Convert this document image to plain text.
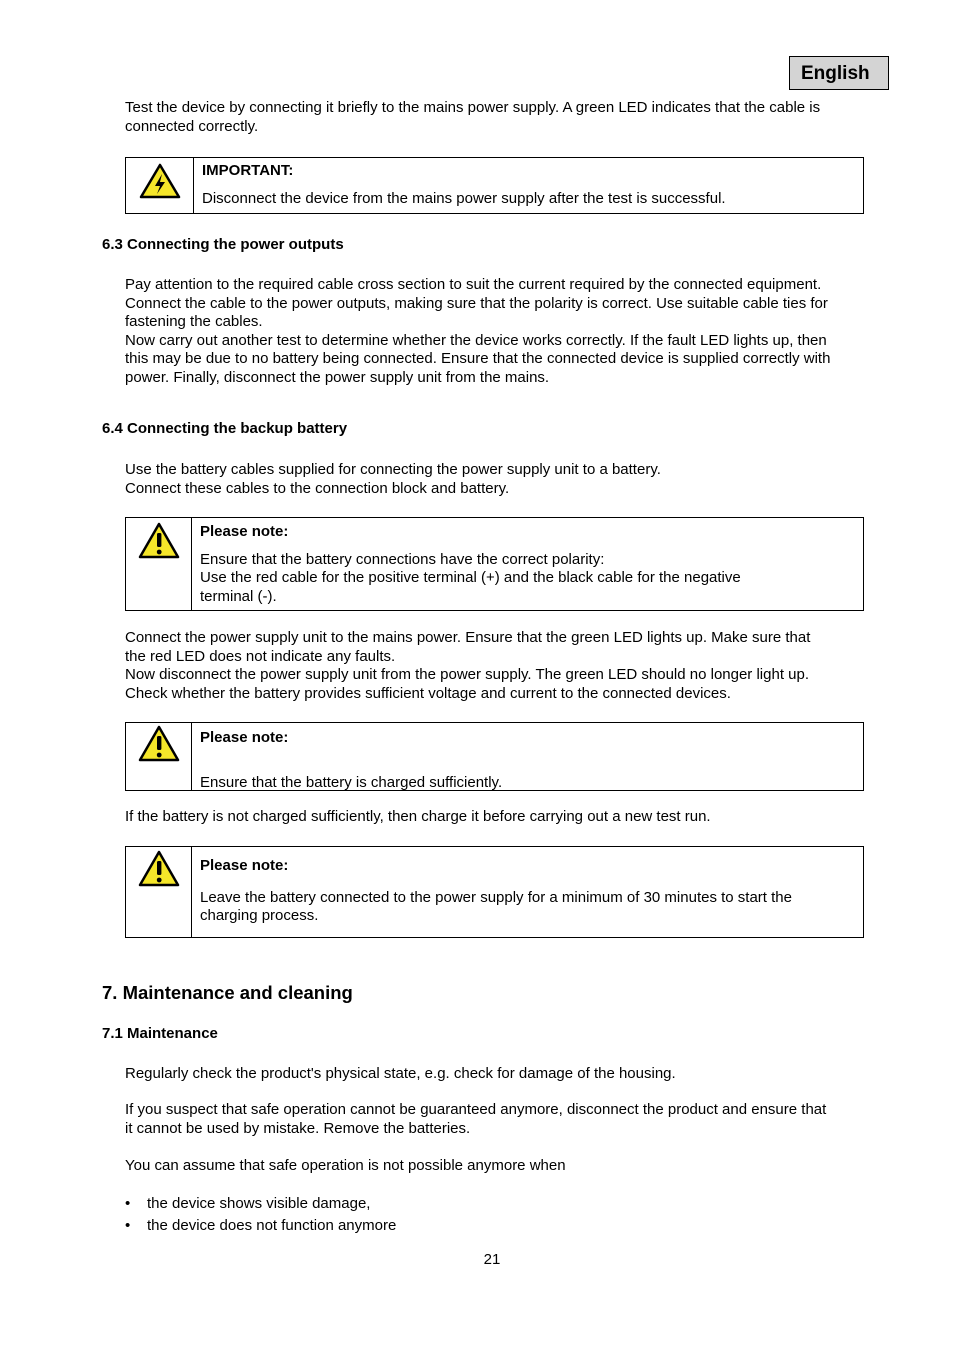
English
Test the device by connecting it briefly to the mains power supply. A green LED indicates that the cable is connected correctly.
IMPORTANT:
Disconnect the device from the mains power supply after the test is successful.
6.3 Connecting the power outputs
Pay attention to the required cable cross section to suit the current required by the connected equipment.
Connect the cable to the power outputs, making sure that the polarity is correct. Use suitable cable ties for
fastening the cables.
Now carry out another test to determine whether the device works correctly. If the fault LED lights up, then
this may be due to no battery being connected. Ensure that the connected device is supplied correctly with
power. Finally, disconnect the power supply unit from the mains.
6.4 Connecting the backup battery
Use the battery cables supplied for connecting the power supply unit to a battery.
Connect these cables to the connection block and battery.
Please note:
Ensure that the battery connections have the correct polarity:
Use the red cable for the positive terminal (+) and the black cable for the negative
terminal (-).
Connect the power supply unit to the mains power. Ensure that the green LED lights up. Make sure that
the red LED does not indicate any faults.
Now disconnect the power supply unit from the power supply. The green LED should no longer light up.
Check whether the battery provides sufficient voltage and current to the connected devices.
Please note:
Ensure that the battery is charged sufficiently.
If the battery is not charged sufficiently, then charge it before carrying out a new test run.
Please note:
Leave the battery connected to the power supply for a minimum of 30 minutes to start the
charging process.
7. Maintenance and cleaning
7.1 Maintenance
Regularly check the product's physical state, e.g. check for damage of the housing.
If you suspect that safe operation cannot be guaranteed anymore, disconnect the product and ensure that
it cannot be used by mistake. Remove the batteries.
You can assume that safe operation is not possible anymore when
• the device shows visible damage,
• the device does not function anymore
21
